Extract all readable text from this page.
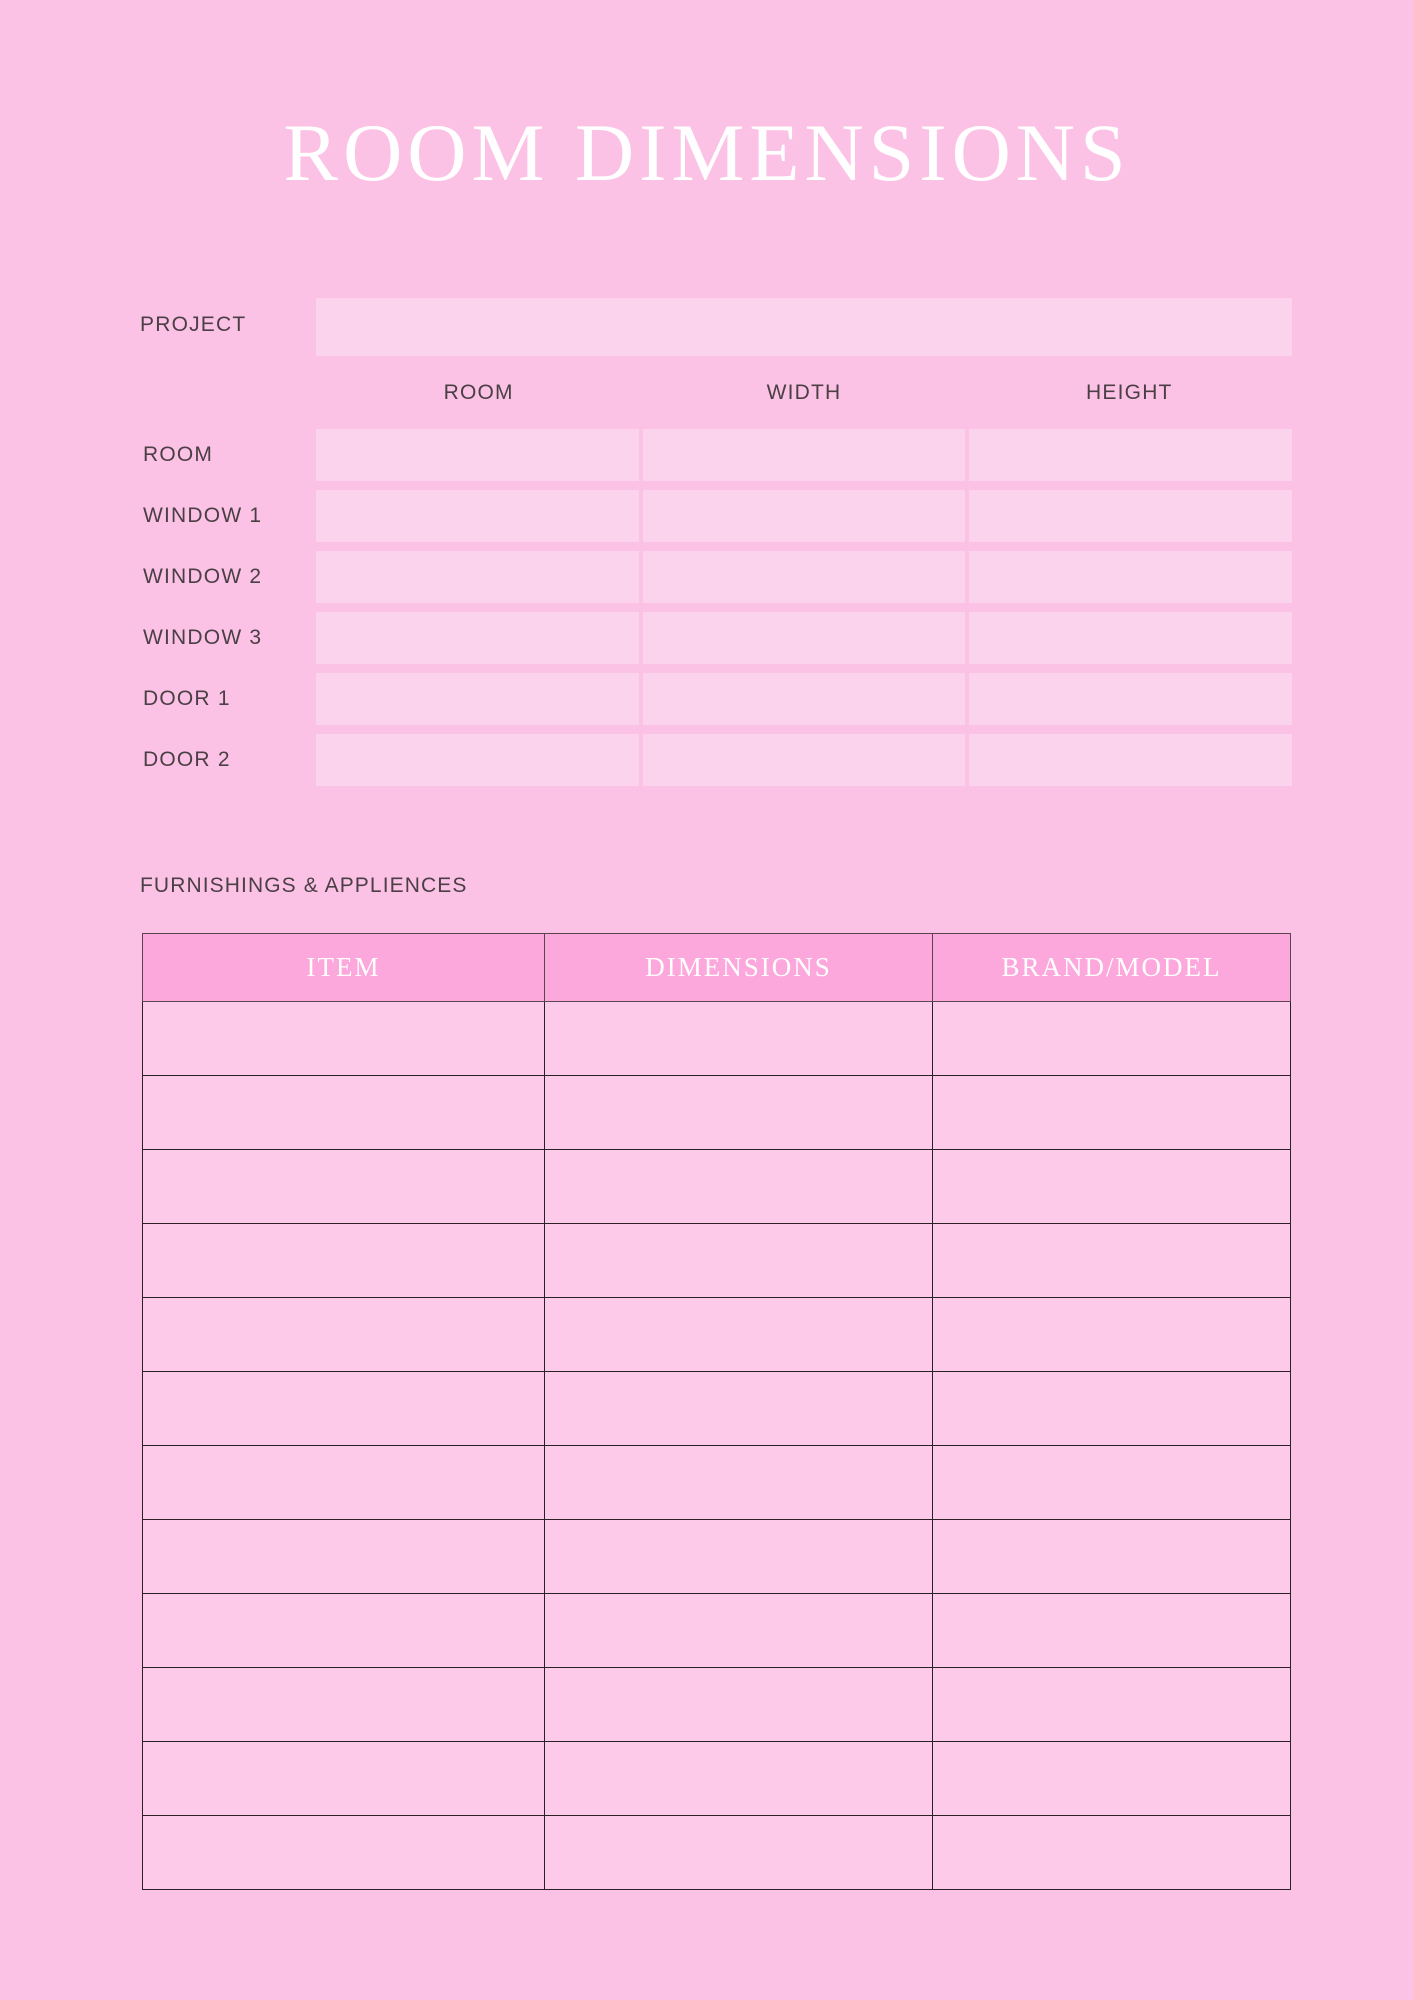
ROOM DIMENSIONS
PROJECT
ROOM	WIDTH	HEIGHT
ROOM
WINDOW 1
WINDOW 2
WINDOW 3
DOOR 1
DOOR 2
FURNISHINGS & APPLIENCES
ITEM	DIMENSIONS	BRAND/MODEL
